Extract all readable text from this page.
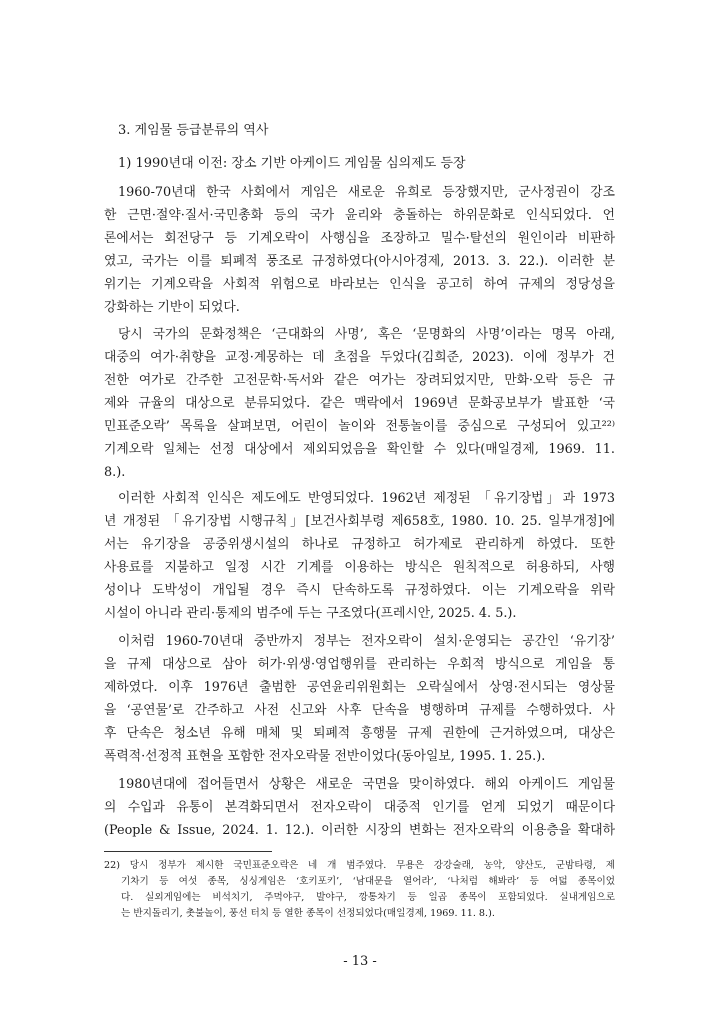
3. 게임물 등급분류의 역사
1) 1990년대 이전: 장소 기반 아케이드 게임물 심의제도 등장
1960-70년대 한국 사회에서 게임은 새로운 유희로 등장했지만, 군사정권이 강조
한 근면·절약·질서·국민총화 등의 국가 윤리와 충돌하는 하위문화로 인식되었다. 언
론에서는 회전당구 등 기계오락이 사행심을 조장하고 밀수·탈선의 원인이라 비판하
였고, 국가는 이를 퇴폐적 풍조로 규정하였다(아시아경제, 2013. 3. 22.). 이러한 분
위기는 기계오락을 사회적 위험으로 바라보는 인식을 공고히 하여 규제의 정당성을
강화하는 기반이 되었다.
당시 국가의 문화정책은 ‘근대화의 사명’, 혹은 ‘문명화의 사명’이라는 명목 아래,
대중의 여가·취향을 교정·계몽하는 데 초점을 두었다(김희준, 2023). 이에 정부가 건
전한 여가로 간주한 고전문학·독서와 같은 여가는 장려되었지만, 만화·오락 등은 규
제와 규율의 대상으로 분류되었다. 같은 맥락에서 1969년 문화공보부가 발표한 ‘국
민표준오락’ 목록을 살펴보면, 어린이 놀이와 전통놀이를 중심으로 구성되어 있고²²⁾
기계오락 일체는 선정 대상에서 제외되었음을 확인할 수 있다(매일경제, 1969. 11.
8.).
이러한 사회적 인식은 제도에도 반영되었다. 1962년 제정된 「유기장법」과 1973
년 개정된 「유기장법 시행규칙」[보건사회부령 제658호, 1980. 10. 25. 일부개정]에
서는 유기장을 공중위생시설의 하나로 규정하고 허가제로 관리하게 하였다. 또한
사용료를 지불하고 일정 시간 기계를 이용하는 방식은 원칙적으로 허용하되, 사행
성이나 도박성이 개입될 경우 즉시 단속하도록 규정하였다. 이는 기계오락을 위락
시설이 아니라 관리·통제의 범주에 두는 구조였다(프레시안, 2025. 4. 5.).
이처럼 1960-70년대 중반까지 정부는 전자오락이 설치·운영되는 공간인 ‘유기장’
을 규제 대상으로 삼아 허가·위생·영업행위를 관리하는 우회적 방식으로 게임을 통
제하였다. 이후 1976년 출범한 공연윤리위원회는 오락실에서 상영·전시되는 영상물
을 ‘공연물’로 간주하고 사전 신고와 사후 단속을 병행하며 규제를 수행하였다. 사
후 단속은 청소년 유해 매체 및 퇴폐적 흥행물 규제 권한에 근거하였으며, 대상은
폭력적·선정적 표현을 포함한 전자오락물 전반이었다(동아일보, 1995. 1. 25.).
1980년대에 접어들면서 상황은 새로운 국면을 맞이하였다. 해외 아케이드 게임물
의 수입과 유통이 본격화되면서 전자오락이 대중적 인기를 얻게 되었기 때문이다
(People & Issue, 2024. 1. 12.). 이러한 시장의 변화는 전자오락의 이용층을 확대하
22) 당시 정부가 제시한 국민표준오락은 네 개 범주였다. 무용은 강강술래, 농악, 양산도, 군밤타령, 제
기차기 등 여섯 종목, 싱싱게임은 ‘호키포키’, ‘남대문을 열어라’, ‘나처럼 해봐라’ 등 여덟 종목이었
다. 실외게임에는 비석치기, 주먹야구, 발야구, 깡통차기 등 일곱 종목이 포함되었다. 실내게임으로
는 반지돌리기, 촛불놀이, 풍선 터치 등 열한 종목이 선정되었다(매일경제, 1969. 11. 8.).
- 13 -
